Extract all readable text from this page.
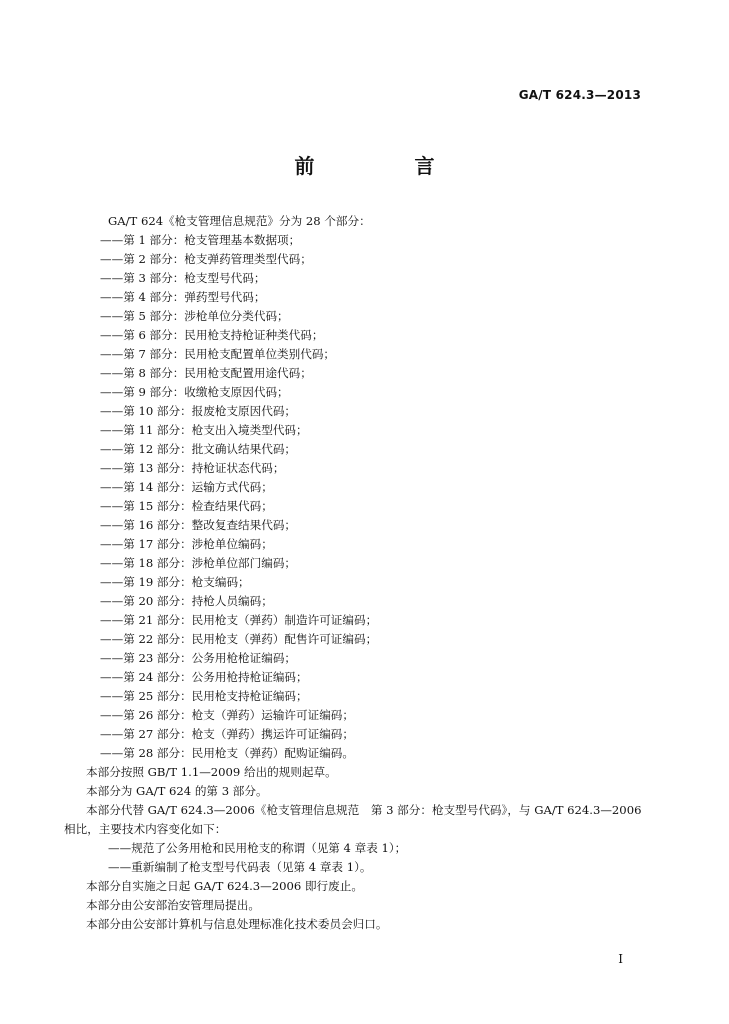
GA/T 624.3—2013
前　言
GA/T 624《枪支管理信息规范》分为 28 个部分：
——第 1 部分：枪支管理基本数据项；
——第 2 部分：枪支弹药管理类型代码；
——第 3 部分：枪支型号代码；
——第 4 部分：弹药型号代码；
——第 5 部分：涉枪单位分类代码；
——第 6 部分：民用枪支持枪证种类代码；
——第 7 部分：民用枪支配置单位类别代码；
——第 8 部分：民用枪支配置用途代码；
——第 9 部分：收缴枪支原因代码；
——第 10 部分：报废枪支原因代码；
——第 11 部分：枪支出入境类型代码；
——第 12 部分：批文确认结果代码；
——第 13 部分：持枪证状态代码；
——第 14 部分：运输方式代码；
——第 15 部分：检查结果代码；
——第 16 部分：整改复查结果代码；
——第 17 部分：涉枪单位编码；
——第 18 部分：涉枪单位部门编码；
——第 19 部分：枪支编码；
——第 20 部分：持枪人员编码；
——第 21 部分：民用枪支（弹药）制造许可证编码；
——第 22 部分：民用枪支（弹药）配售许可证编码；
——第 23 部分：公务用枪枪证编码；
——第 24 部分：公务用枪持枪证编码；
——第 25 部分：民用枪支持枪证编码；
——第 26 部分：枪支（弹药）运输许可证编码；
——第 27 部分：枪支（弹药）携运许可证编码；
——第 28 部分：民用枪支（弹药）配购证编码。
本部分按照 GB/T 1.1—2009 给出的规则起草。
本部分为 GA/T 624 的第 3 部分。
本部分代替 GA/T 624.3—2006《枪支管理信息规范　第 3 部分：枪支型号代码》，与 GA/T 624.3—2006 相比，主要技术内容变化如下：
——规范了公务用枪和民用枪支的称谓（见第 4 章表 1）；
——重新编制了枪支型号代码表（见第 4 章表 1）。
本部分自实施之日起 GA/T 624.3—2006 即行废止。
本部分由公安部治安管理局提出。
本部分由公安部计算机与信息处理标准化技术委员会归口。
I
